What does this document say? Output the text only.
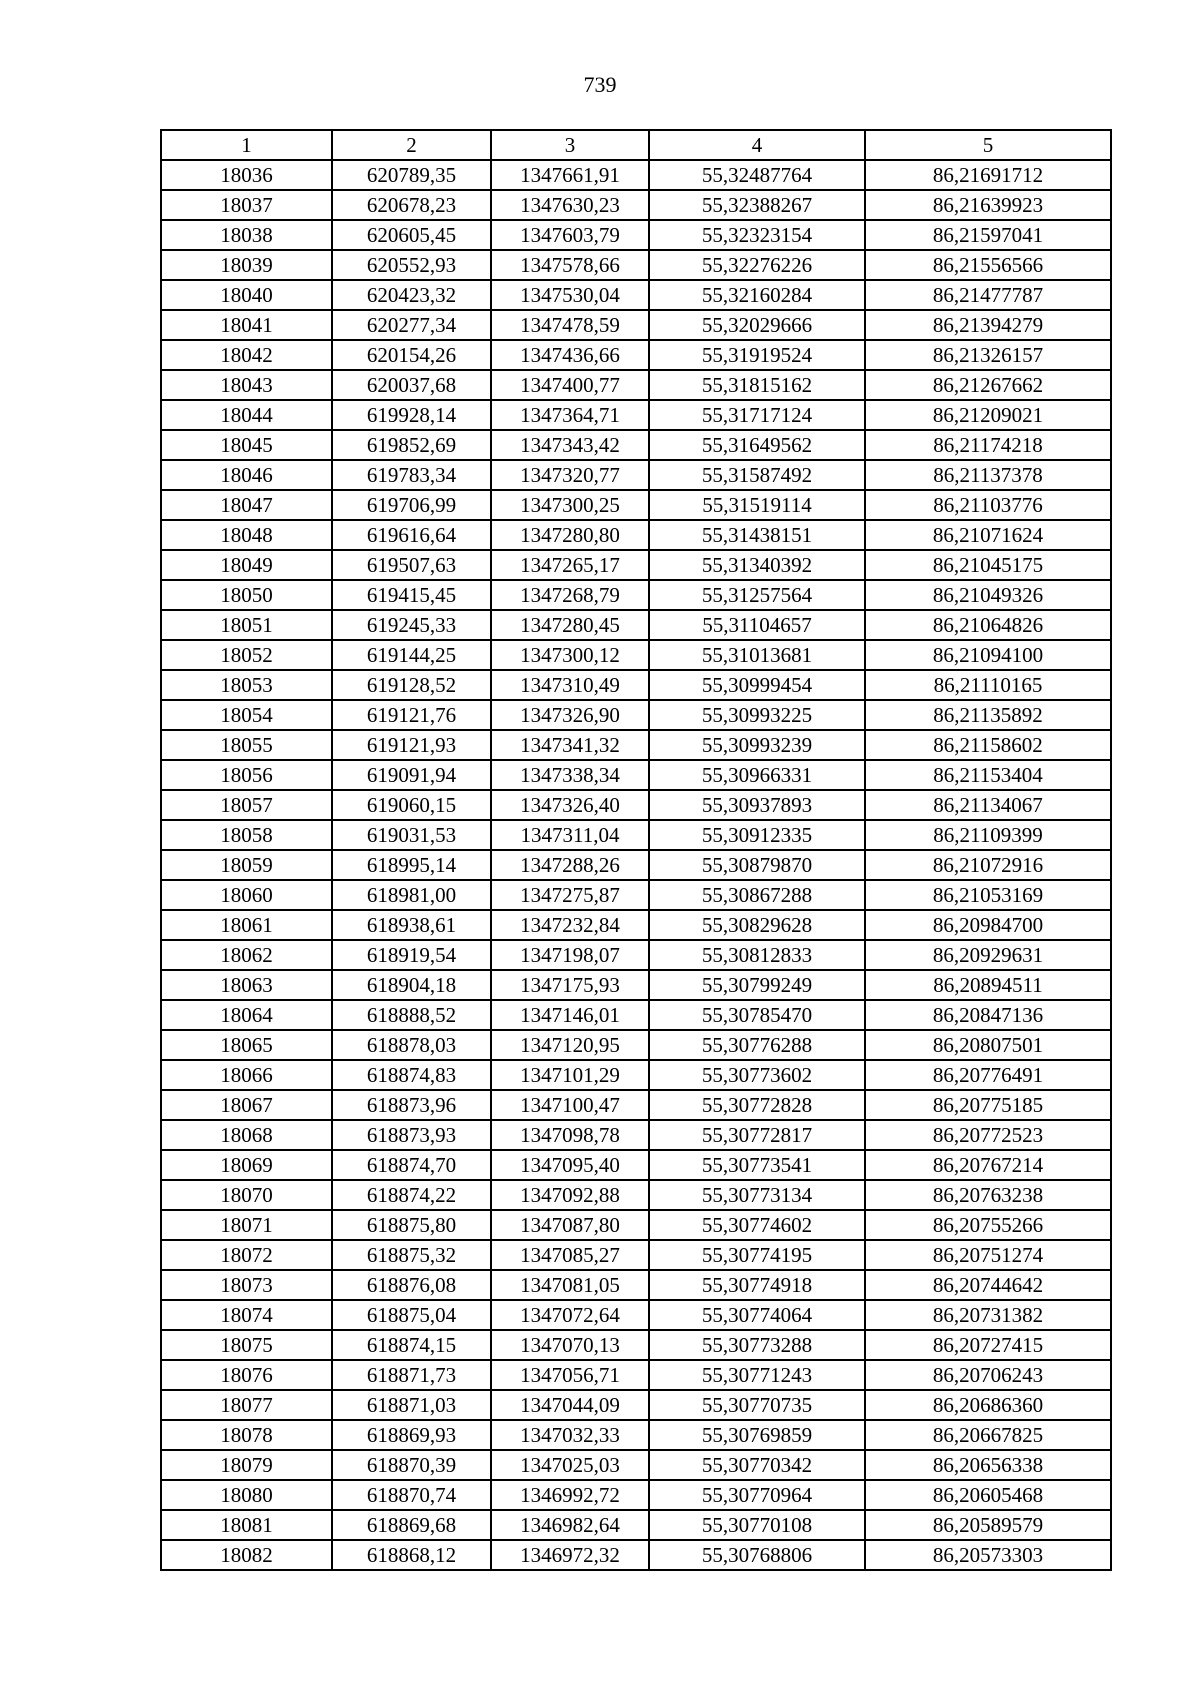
739
1	2	3	4	5
18036	620789,35	1347661,91	55,32487764	86,21691712
18037	620678,23	1347630,23	55,32388267	86,21639923
18038	620605,45	1347603,79	55,32323154	86,21597041
18039	620552,93	1347578,66	55,32276226	86,21556566
18040	620423,32	1347530,04	55,32160284	86,21477787
18041	620277,34	1347478,59	55,32029666	86,21394279
18042	620154,26	1347436,66	55,31919524	86,21326157
18043	620037,68	1347400,77	55,31815162	86,21267662
18044	619928,14	1347364,71	55,31717124	86,21209021
18045	619852,69	1347343,42	55,31649562	86,21174218
18046	619783,34	1347320,77	55,31587492	86,21137378
18047	619706,99	1347300,25	55,31519114	86,21103776
18048	619616,64	1347280,80	55,31438151	86,21071624
18049	619507,63	1347265,17	55,31340392	86,21045175
18050	619415,45	1347268,79	55,31257564	86,21049326
18051	619245,33	1347280,45	55,31104657	86,21064826
18052	619144,25	1347300,12	55,31013681	86,21094100
18053	619128,52	1347310,49	55,30999454	86,21110165
18054	619121,76	1347326,90	55,30993225	86,21135892
18055	619121,93	1347341,32	55,30993239	86,21158602
18056	619091,94	1347338,34	55,30966331	86,21153404
18057	619060,15	1347326,40	55,30937893	86,21134067
18058	619031,53	1347311,04	55,30912335	86,21109399
18059	618995,14	1347288,26	55,30879870	86,21072916
18060	618981,00	1347275,87	55,30867288	86,21053169
18061	618938,61	1347232,84	55,30829628	86,20984700
18062	618919,54	1347198,07	55,30812833	86,20929631
18063	618904,18	1347175,93	55,30799249	86,20894511
18064	618888,52	1347146,01	55,30785470	86,20847136
18065	618878,03	1347120,95	55,30776288	86,20807501
18066	618874,83	1347101,29	55,30773602	86,20776491
18067	618873,96	1347100,47	55,30772828	86,20775185
18068	618873,93	1347098,78	55,30772817	86,20772523
18069	618874,70	1347095,40	55,30773541	86,20767214
18070	618874,22	1347092,88	55,30773134	86,20763238
18071	618875,80	1347087,80	55,30774602	86,20755266
18072	618875,32	1347085,27	55,30774195	86,20751274
18073	618876,08	1347081,05	55,30774918	86,20744642
18074	618875,04	1347072,64	55,30774064	86,20731382
18075	618874,15	1347070,13	55,30773288	86,20727415
18076	618871,73	1347056,71	55,30771243	86,20706243
18077	618871,03	1347044,09	55,30770735	86,20686360
18078	618869,93	1347032,33	55,30769859	86,20667825
18079	618870,39	1347025,03	55,30770342	86,20656338
18080	618870,74	1346992,72	55,30770964	86,20605468
18081	618869,68	1346982,64	55,30770108	86,20589579
18082	618868,12	1346972,32	55,30768806	86,20573303
